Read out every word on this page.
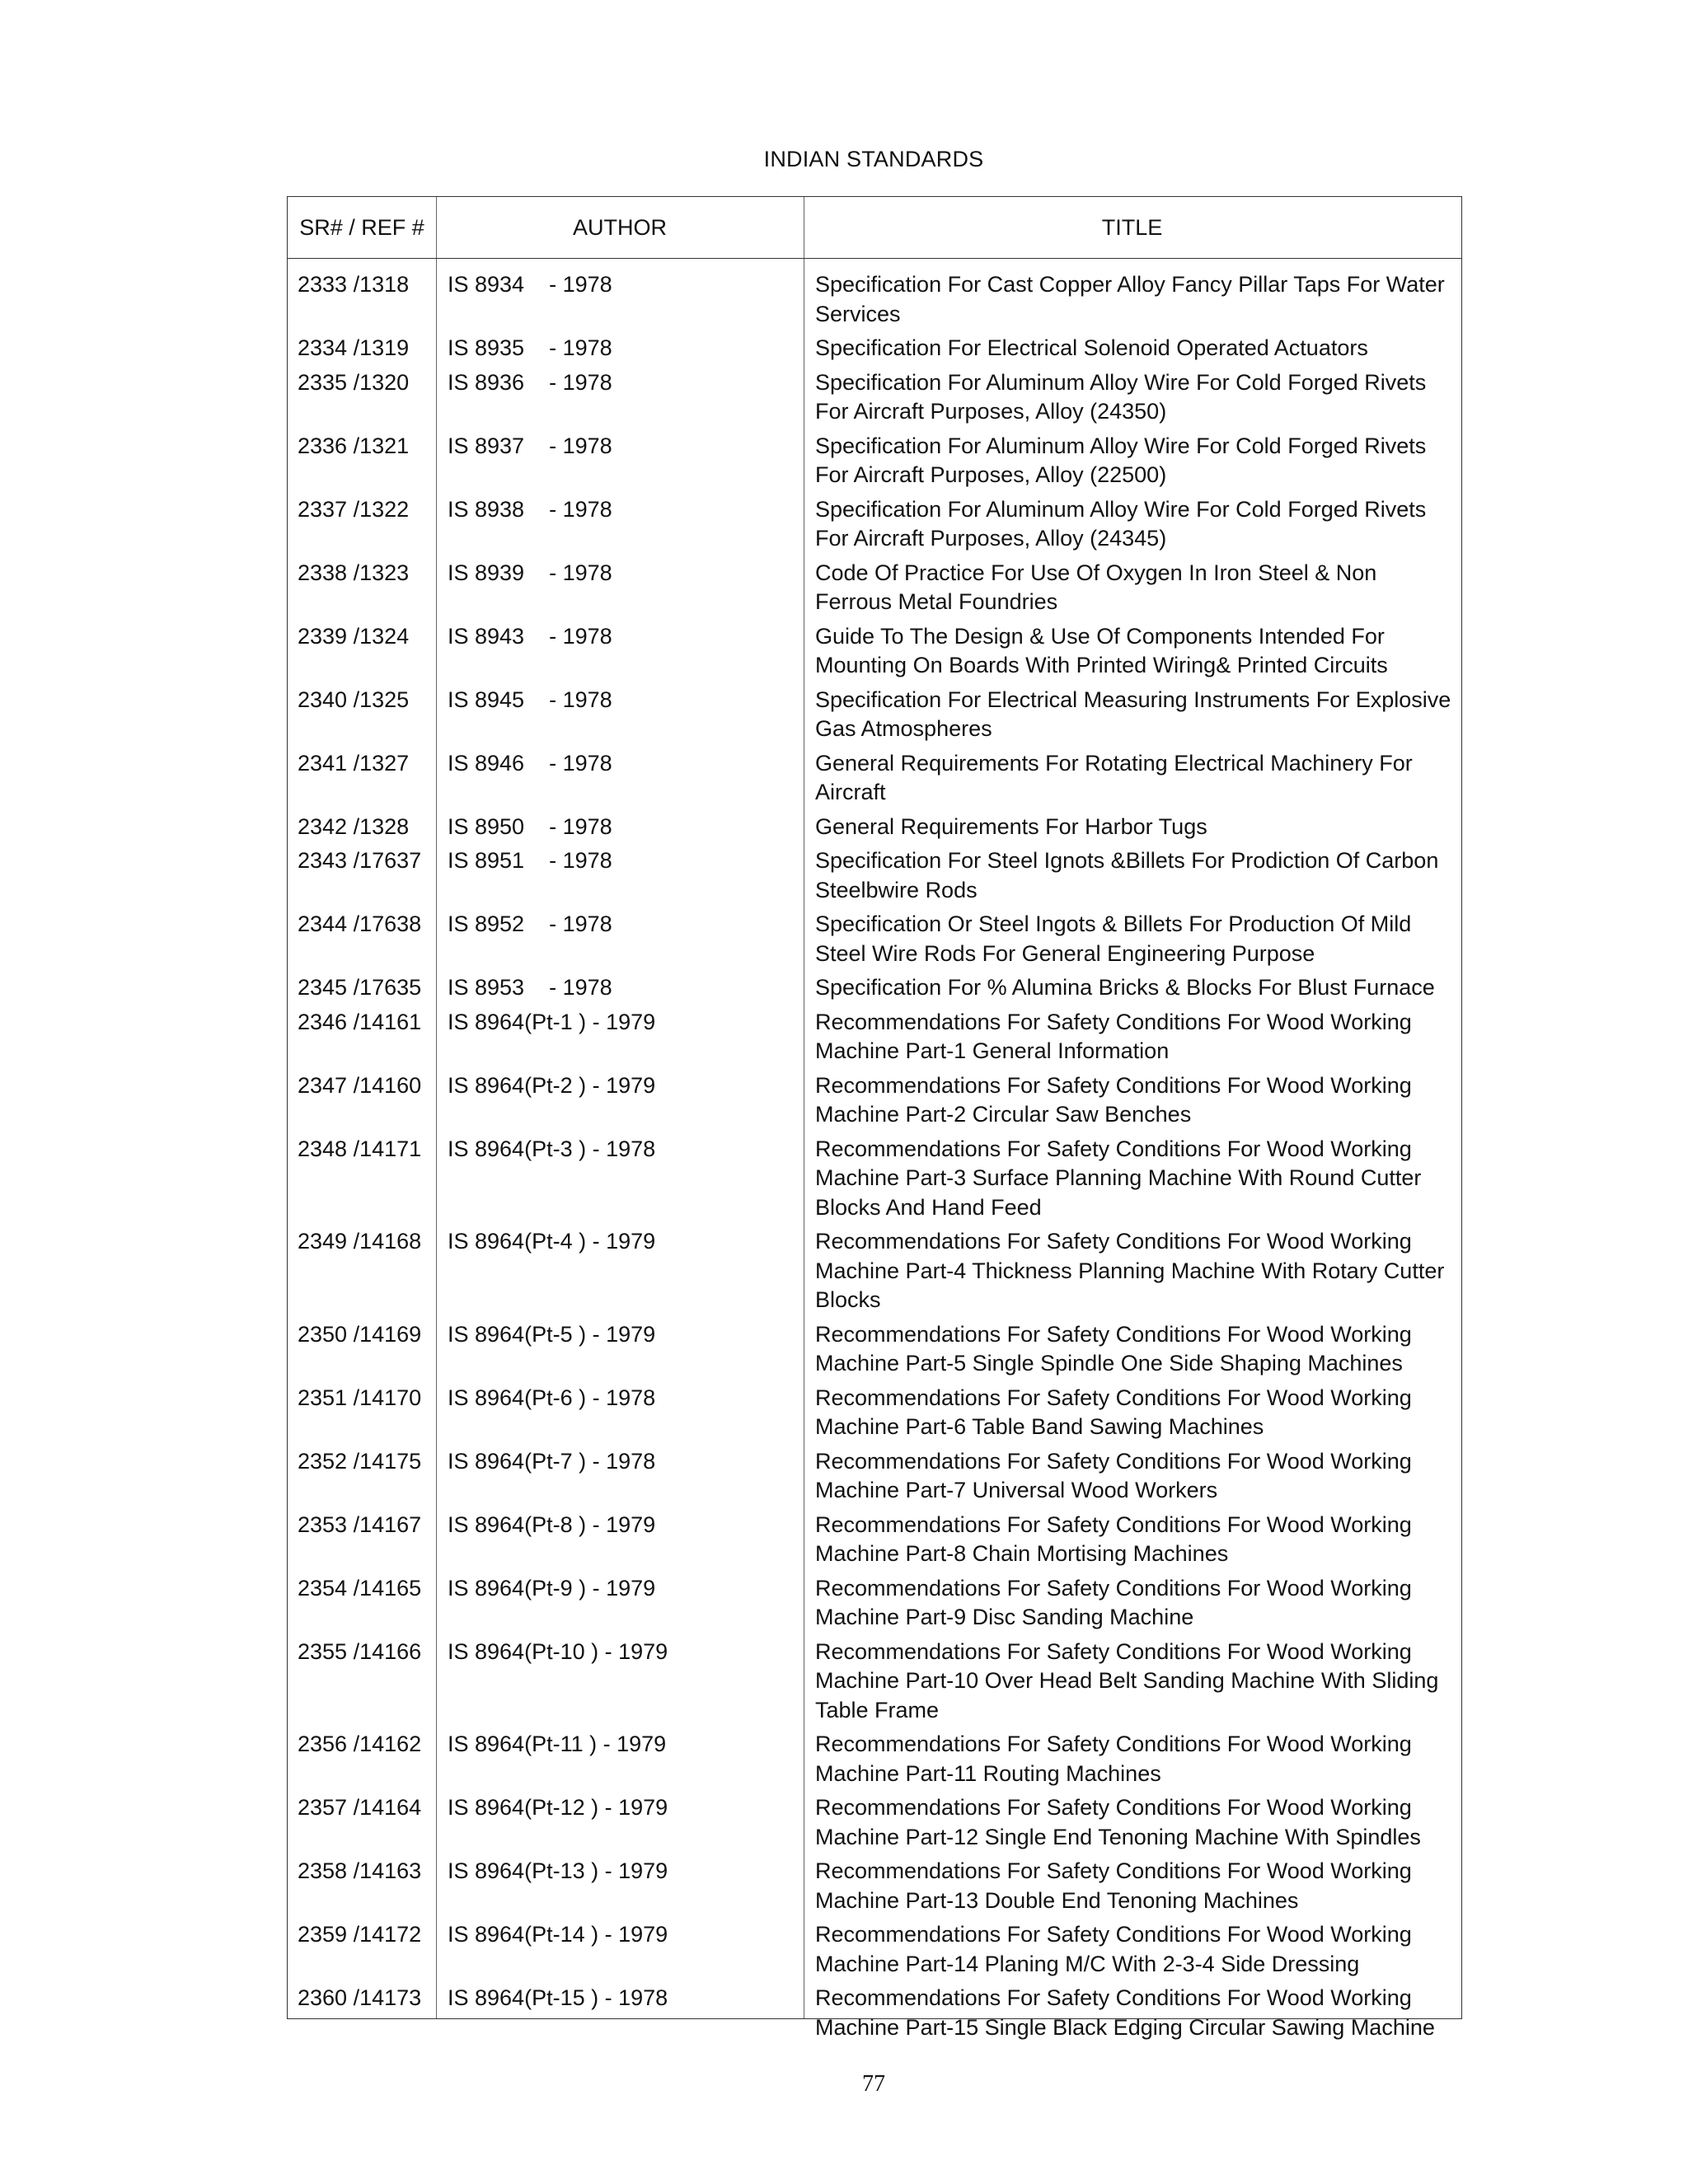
INDIAN STANDARDS
SR# / REF #	AUTHOR	TITLE
2333 /1318	IS 8934    - 1978	Specification For Cast Copper Alloy Fancy Pillar Taps For Water Services
2334 /1319	IS 8935    - 1978	Specification For Electrical Solenoid Operated Actuators
2335 /1320	IS 8936    - 1978	Specification For Aluminum Alloy Wire For Cold Forged Rivets For Aircraft Purposes, Alloy (24350)
2336 /1321	IS 8937    - 1978	Specification For Aluminum Alloy Wire For Cold Forged Rivets For Aircraft Purposes, Alloy (22500)
2337 /1322	IS 8938    - 1978	Specification For Aluminum Alloy Wire For Cold Forged Rivets For Aircraft Purposes, Alloy (24345)
2338 /1323	IS 8939    - 1978	Code Of Practice For Use Of Oxygen In Iron Steel & Non Ferrous Metal Foundries
2339 /1324	IS 8943    - 1978	Guide To The Design & Use Of Components Intended For Mounting On Boards With Printed Wiring& Printed Circuits
2340 /1325	IS 8945    - 1978	Specification For Electrical Measuring Instruments For Explosive Gas Atmospheres
2341 /1327	IS 8946    - 1978	General Requirements For Rotating Electrical Machinery For Aircraft
2342 /1328	IS 8950    - 1978	General Requirements For Harbor Tugs
2343 /17637	IS 8951    - 1978	Specification For Steel Ignots &Billets For Prodiction Of Carbon Steelbwire Rods
2344 /17638	IS 8952    - 1978	Specification Or Steel Ingots & Billets For Production Of Mild Steel Wire Rods For General Engineering Purpose
2345 /17635	IS 8953    - 1978	Specification For % Alumina Bricks & Blocks For Blust Furnace
2346 /14161	IS 8964(Pt-1 ) - 1979	Recommendations For Safety Conditions For Wood Working Machine Part-1 General Information
2347 /14160	IS 8964(Pt-2 ) - 1979	Recommendations For Safety Conditions For Wood Working Machine Part-2 Circular Saw Benches
2348 /14171	IS 8964(Pt-3 ) - 1978	Recommendations For Safety Conditions For Wood Working Machine Part-3 Surface Planning Machine With Round Cutter Blocks And Hand Feed
2349 /14168	IS 8964(Pt-4 ) - 1979	Recommendations For Safety Conditions For Wood Working Machine Part-4 Thickness Planning Machine With Rotary Cutter Blocks
2350 /14169	IS 8964(Pt-5 ) - 1979	Recommendations For Safety Conditions For Wood Working Machine Part-5 Single Spindle One Side Shaping Machines
2351 /14170	IS 8964(Pt-6 ) - 1978	Recommendations For Safety Conditions For Wood Working Machine Part-6 Table Band Sawing Machines
2352 /14175	IS 8964(Pt-7 ) - 1978	Recommendations For Safety Conditions For Wood Working Machine Part-7 Universal Wood Workers
2353 /14167	IS 8964(Pt-8 ) - 1979	Recommendations For Safety Conditions For Wood Working Machine Part-8 Chain Mortising Machines
2354 /14165	IS 8964(Pt-9 ) - 1979	Recommendations For Safety Conditions For Wood Working Machine Part-9 Disc Sanding Machine
2355 /14166	IS 8964(Pt-10 ) - 1979	Recommendations For Safety Conditions For Wood Working Machine Part-10 Over Head Belt Sanding Machine With Sliding Table Frame
2356 /14162	IS 8964(Pt-11 ) - 1979	Recommendations For Safety Conditions For Wood Working Machine Part-11 Routing Machines
2357 /14164	IS 8964(Pt-12 ) - 1979	Recommendations For Safety Conditions For Wood Working Machine Part-12 Single End Tenoning Machine With Spindles
2358 /14163	IS 8964(Pt-13 ) - 1979	Recommendations For Safety Conditions For Wood Working Machine Part-13 Double End Tenoning Machines
2359 /14172	IS 8964(Pt-14 ) - 1979	Recommendations For Safety Conditions For Wood Working Machine Part-14 Planing M/C With 2-3-4 Side Dressing
2360 /14173	IS 8964(Pt-15 ) - 1978	Recommendations For Safety Conditions For Wood Working Machine Part-15 Single Black Edging Circular Sawing Machine
77
